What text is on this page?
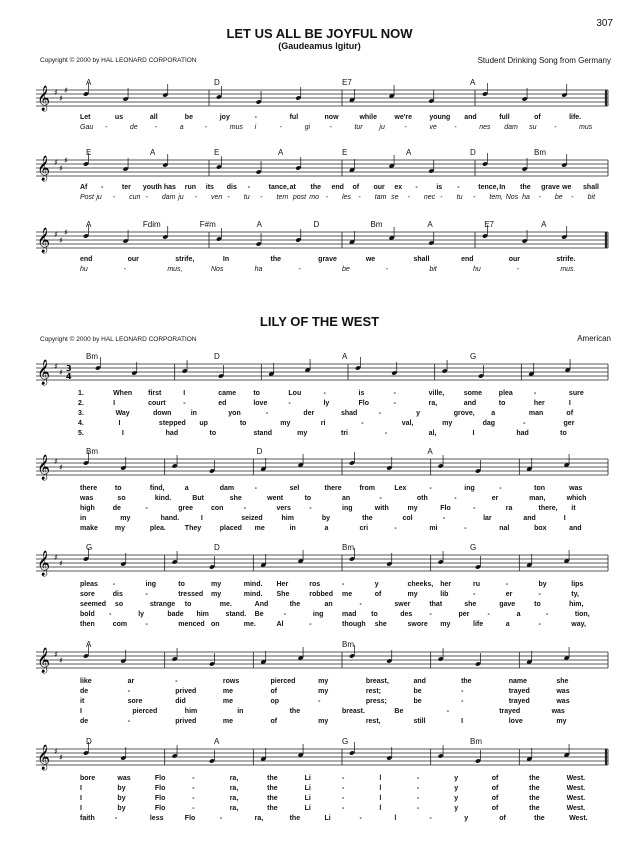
307
LET US ALL BE JOYFUL NOW
(Gaudeamus Igitur)
Copyright © 2000 by HAL LEONARD CORPORATION	Student Drinking Song from Germany
A	D	E7	A
𝄞 ♯
♯
♯
Let	us	all	be	joy	-	ful	now	while we're young and	full	of	life.
Gau -	de -	a	-	mus i	-	gi	-	tur ju	-	ve	-	nes dam su	-	mus
E	A	E	A	E	A	D	Bm
𝄞 ♯
♯
♯
Af -	ter youth has run its dis -	tance, at the end of our ex -	is -	tence, In the grave we shall
Post ju - cun - dam ju - ven - tu - tem post mo - les - tam se - nec - tu - tem, Nos ha - be - bit
A	Fdim	F#m	A	D	Bm	A	E7	A
𝄞 ♯
♯
♯
end	our	strife,	In	the	grave	we	shall	end	our	strife.
hu	-	mus,	Nos	ha	-	be	-	bit	hu	-	mus.
LILY OF THE WEST
Copyright © 2000 by HAL LEONARD CORPORATION	American
Bm	D	A	G
𝄞 ♯
♯ 3
4
1.	When first	I	came to	Lou	-	is	-	ville,	some plea	-	sure
2.	I	court	-	ed	love	-	ly	Flo	-	ra,	and	to	her	I
3.	Way	down	in	yon	-	der	shad	-	y	grove, a	man	of
4.	I	stepped up	to	my	ri	-	val,	my	dag	-	ger
5.	I	had	to	stand	my	tri	-	al,	I	had	to
Bm	D	A
𝄞 ♯
♯
there	to	find,	a	dam	-	sel	there	from	Lex	-	ing	-	ton	was
was	so	kind.	But	she	went	to	an	-	oth	-	er	man,	which
high	de	-	gree	con	-	vers	-	ing	with	my	Flo	-	ra	there, it
in	my	hand.	I	seized	him	by	the	col	-	lar	and	I
make my	plea.	They	placed me	in	a	cri	-	mi	-	nal	box	and
G	D	Bm	G
𝄞 ♯
♯
pleas -	ing	to	my	mind. Her	ros	-	y	cheeks, her	ru	-	by	lips
sore	dis	-	tressed my	mind. She	robbed me	of	my	lib	-	er	-	ty,
seemed so	strange to	me.	And	the	an	-	swer	that	she	gave	to	him,
bold -	ly	bade him stand. Be	-	ing	mad to	des -	per	-	a	-	tion,
then	com	-	menced on	me.	Al	-	though she	swore my	life	a	-	way,
A	Bm
𝄞 ♯
♯
like	ar	-	rows	pierced	my	breast,	and	the	name	she
de	-	prived	me	of	my	rest;	be	-	trayed	was
it	sore	did	me	op	-	press;	be	-	trayed	was
I	pierced	him	in	the	breast.	Be	-	trayed	was
de	-	prived	me	of	my	rest,	still	I	love	my
D	A	G	Bm
𝄞 ♯
♯
bore	was	Flo	-	ra,	the	Li	-	l	-	y	of	the	West.
I	by	Flo	-	ra,	the	Li	-	l	-	y	of	the	West.
I	by	Flo	-	ra,	the	Li	-	l	-	y	of	the	West.
I	by	Flo	-	ra,	the	Li	-	l	-	y	of	the	West.
faith	-	less	Flo	-	ra,	the	Li	-	l	-	y	of	the	West.
